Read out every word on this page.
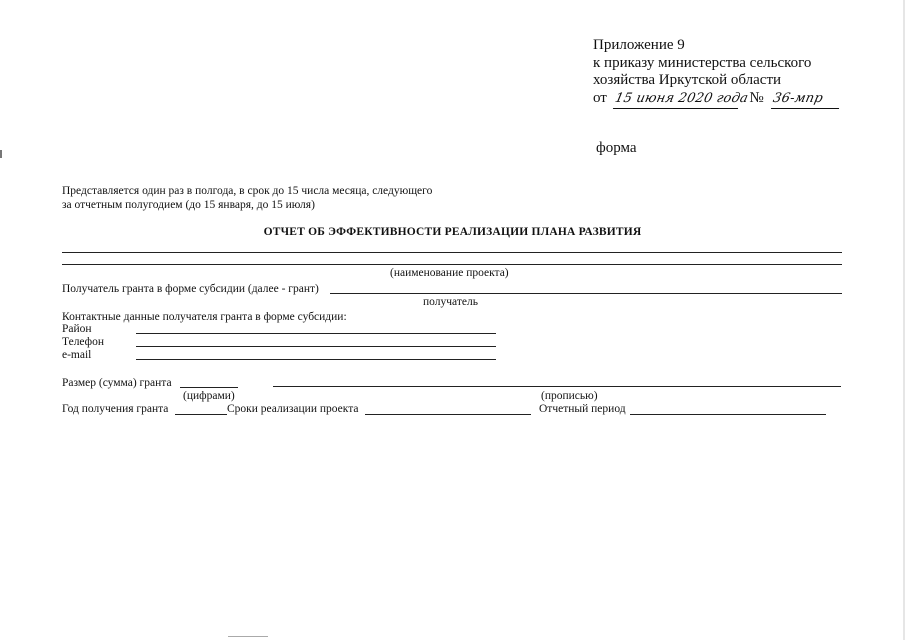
Приложение 9
к приказу министерства сельского
хозяйства Иркутской области
от 15 июня 2020 года № 36-мпр
форма
Представляется один раз в полгода, в срок до 15 числа месяца, следующего
за отчетным полугодием (до 15 января, до 15 июля)
ОТЧЕТ ОБ ЭФФЕКТИВНОСТИ РЕАЛИЗАЦИИ ПЛАНА РАЗВИТИЯ
(наименование проекта)
Получатель гранта в форме субсидии (далее - грант)
получатель
Контактные данные получателя гранта в форме субсидии:
Район
Телефон
e-mail
Размер (сумма) гранта
(цифрами)	(прописью)
Год получения гранта	Сроки реализации проекта	Отчетный период
